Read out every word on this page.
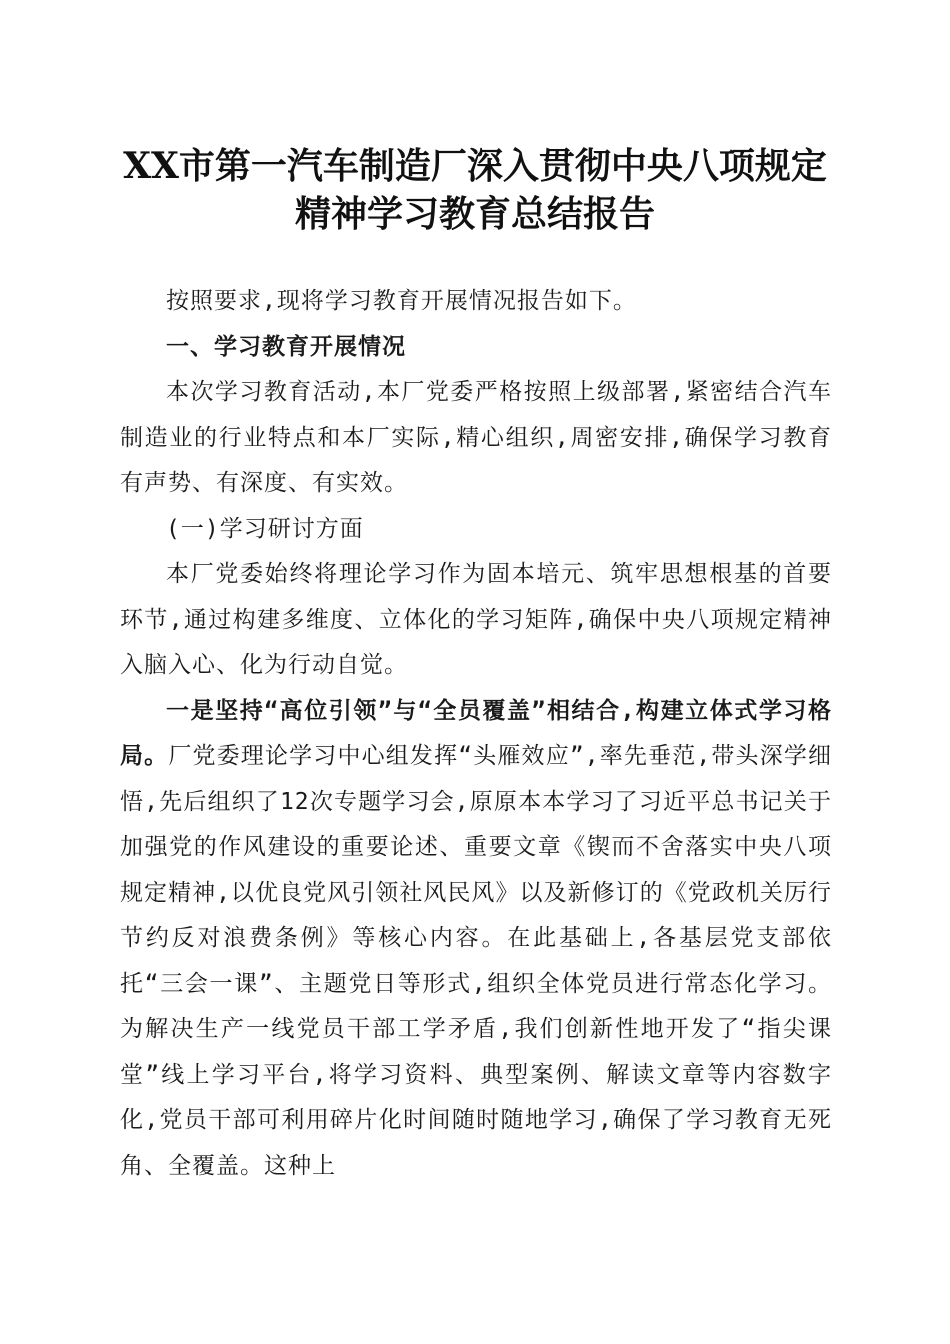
XX市第一汽车制造厂深入贯彻中央八项规定
精神学习教育总结报告

按照要求,现将学习教育开展情况报告如下。

一、学习教育开展情况

本次学习教育活动,本厂党委严格按照上级部署,紧密结合汽车制造业的行业特点和本厂实际,精心组织,周密安排,确保学习教育有声势、有深度、有实效。

(一)学习研讨方面

本厂党委始终将理论学习作为固本培元、筑牢思想根基的首要环节,通过构建多维度、立体化的学习矩阵,确保中央八项规定精神入脑入心、化为行动自觉。

一是坚持“高位引领”与“全员覆盖”相结合,构建立体式学习格局。厂党委理论学习中心组发挥“头雁效应”,率先垂范,带头深学细悟,先后组织了12次专题学习会,原原本本学习了习近平总书记关于加强党的作风建设的重要论述、重要文章《锲而不舍落实中央八项规定精神,以优良党风引领社风民风》以及新修订的《党政机关厉行节约反对浪费条例》等核心内容。在此基础上,各基层党支部依托“三会一课”、主题党日等形式,组织全体党员进行常态化学习。为解决生产一线党员干部工学矛盾,我们创新性地开发了“指尖课堂”线上学习平台,将学习资料、典型案例、解读文章等内容数字化,党员干部可利用碎片化时间随时随地学习,确保了学习教育无死角、全覆盖。这种上
